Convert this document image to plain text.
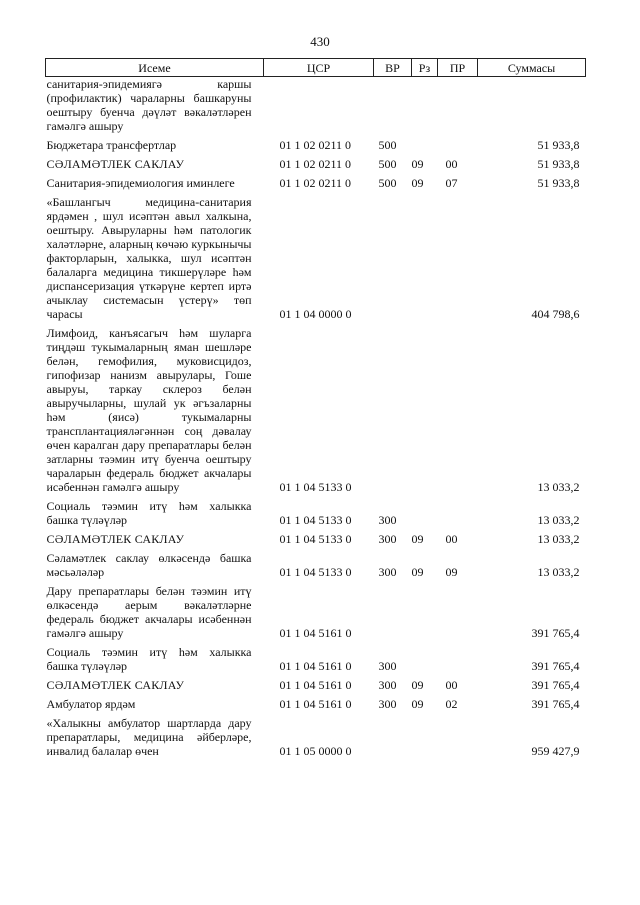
430
Исеме	ЦСР	ВР	Рз	ПР	Суммасы
санитария-эпидемиягә каршы (профилактик) чараларны башкаруны оештыру буенча дәүләт вәкаләтләрен гамәлгә ашыру					
Бюджетара трансфертлар	01 1 02 0211 0	500			51 933,8
СӘЛАМӘТЛЕК САКЛАУ	01 1 02 0211 0	500	09	00	51 933,8
Санитария-эпидемиология иминлеге	01 1 02 0211 0	500	09	07	51 933,8
«Башлангыч медицина-санитария ярдәмен , шул исәптән авыл халкына, оештыру. Авыруларны һәм патологик халәтләрне, аларның көчәю куркынычы факторларын, халыкка, шул исәптән балаларга медицина тикшерүләре һәм диспансеризация үткәрүне кертеп иртә ачыклау системасын үстерү» төп чарасы	01 1 04 0000 0				404 798,6
Лимфоид, канъясагыч һәм шуларга тиңдәш тукымаларның яман шешләре белән, гемофилия, муковисцидоз, гипофизар нанизм авырулары, Гоше авыруы, таркау склероз белән авыручыларны, шулай ук әгъзаларны һәм (яисә) тукымаларны трансплантацияләгәннән соң дәвалау өчен каралган дару препаратлары белән затларны тәэмин итү буенча оештыру чараларын федераль бюджет акчалары исәбеннән гамәлгә ашыру	01 1 04 5133 0				13 033,2
Социаль тәэмин итү һәм халыкка башка түләүләр	01 1 04 5133 0	300			13 033,2
СӘЛАМӘТЛЕК САКЛАУ	01 1 04 5133 0	300	09	00	13 033,2
Сәламәтлек саклау өлкәсендә башка мәсьәләләр	01 1 04 5133 0	300	09	09	13 033,2
Дару препаратлары белән тәэмин итү өлкәсендә аерым вәкаләтләрне федераль бюджет акчалары исәбеннән гамәлгә ашыру	01 1 04 5161 0				391 765,4
Социаль тәэмин итү һәм халыкка башка түләүләр	01 1 04 5161 0	300			391 765,4
СӘЛАМӘТЛЕК САКЛАУ	01 1 04 5161 0	300	09	00	391 765,4
Амбулатор ярдәм	01 1 04 5161 0	300	09	02	391 765,4
«Халыкны амбулатор шартларда дару препаратлары, медицина әйберләре, инвалид балалар өчен	01 1 05 0000 0				959 427,9
